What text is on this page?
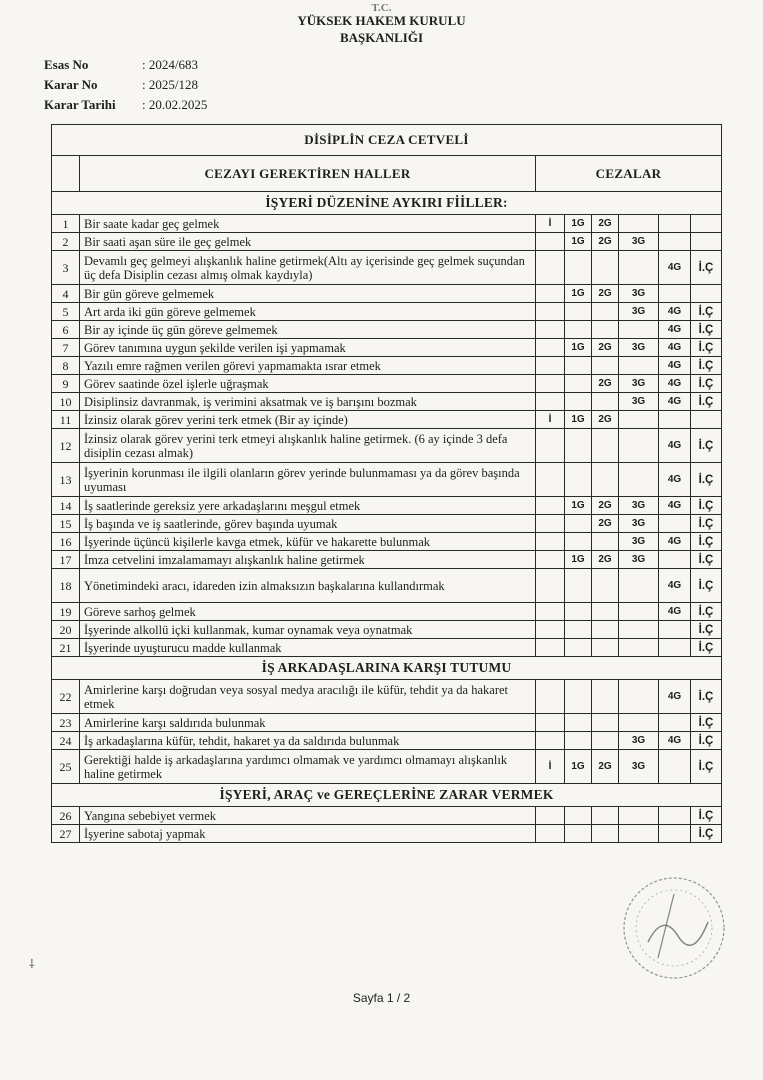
T.C.
YÜKSEK HAKEM KURULU
BAŞKANLIĞI
Esas No	: 2024/683
Karar No	: 2025/128
Karar Tarihi	: 20.02.2025
DİSİPLİN CEZA CETVELİ							
	CEZAYI GEREKTİREN HALLER	CEZALAR					
İŞYERİ DÜZENİNE AYKIRI FİİLLER:							
1	Bir saate kadar geç gelmek	İ	1G	2G			
2	Bir saati aşan süre ile geç gelmek		1G	2G	3G		
3	Devamlı geç gelmeyi alışkanlık haline getirmek(Altı ay içerisinde geç gelmek suçundan üç defa Disiplin cezası almış olmak kaydıyla)					4G	İ.Ç
4	Bir gün göreve gelmemek		1G	2G	3G		
5	Art arda iki gün göreve gelmemek				3G	4G	İ.Ç
6	Bir ay içinde üç gün göreve gelmemek					4G	İ.Ç
7	Görev tanımına uygun şekilde verilen işi yapmamak		1G	2G	3G	4G	İ.Ç
8	Yazılı emre rağmen verilen görevi yapmamakta ısrar etmek					4G	İ.Ç
9	Görev saatinde özel işlerle uğraşmak			2G	3G	4G	İ.Ç
10	Disiplinsiz davranmak, iş verimini aksatmak ve iş barışını bozmak				3G	4G	İ.Ç
11	İzinsiz olarak görev yerini terk etmek (Bir ay içinde)	İ	1G	2G			
12	İzinsiz olarak görev yerini terk etmeyi alışkanlık haline getirmek. (6 ay içinde 3 defa disiplin cezası almak)					4G	İ.Ç
13	İşyerinin korunması ile ilgili olanların görev yerinde bulunmaması ya da görev başında uyuması					4G	İ.Ç
14	İş saatlerinde gereksiz yere arkadaşlarını meşgul etmek		1G	2G	3G	4G	İ.Ç
15	İş başında ve iş saatlerinde, görev başında uyumak			2G	3G		İ.Ç
16	İşyerinde üçüncü kişilerle kavga etmek, küfür ve hakarette bulunmak				3G	4G	İ.Ç
17	İmza cetvelini imzalamamayı alışkanlık haline getirmek		1G	2G	3G		İ.Ç
18	Yönetimindeki aracı, idareden izin almaksızın başkalarına kullandırmak					4G	İ.Ç
19	Göreve sarhoş gelmek					4G	İ.Ç
20	İşyerinde alkollü içki kullanmak, kumar oynamak veya oynatmak						İ.Ç
21	İşyerinde uyuşturucu madde kullanmak						İ.Ç
İŞ ARKADAŞLARINA KARŞI TUTUMU							
22	Amirlerine karşı doğrudan veya sosyal medya aracılığı ile küfür, tehdit ya da hakaret etmek					4G	İ.Ç
23	Amirlerine karşı saldırıda bulunmak						İ.Ç
24	İş arkadaşlarına küfür, tehdit, hakaret ya da saldırıda bulunmak				3G	4G	İ.Ç
25	Gerektiği halde iş arkadaşlarına yardımcı olmamak ve yardımcı olmamayı alışkanlık haline getirmek	İ	1G	2G	3G		İ.Ç
İŞYERİ, ARAÇ ve GEREÇLERİNE ZARAR VERMEK							
26	Yangına sebebiyet vermek						İ.Ç
27	İşyerine sabotaj yapmak						İ.Ç
⸸
Sayfa 1 / 2
